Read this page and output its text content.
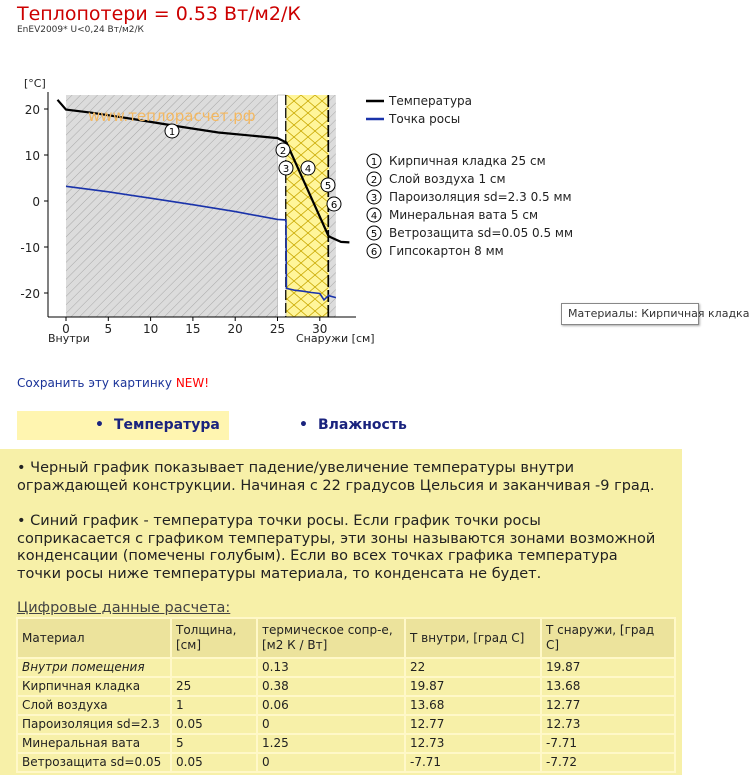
Теплопотери = 0.53 Вт/м2/К
EnEV2009* U<0,24 Вт/м2/К
20
10
0
-10
-20
0	5	10 15 20 25 30
1
2
3 4
5
6
www.теплорасчет.рф
[°C]
Внутри	Снаружи [см]
Температура
Точка росы
1 Кирпичная кладка 25 см
2 Слой воздуха 1 см
3 Пароизоляция sd=2.3 0.5 мм
4 Минеральная вата 5 см
5 Ветрозащита sd=0.05 0.5 мм
6 Гипсокартон 8 мм
Материалы: Кирпичная кладка
Сохранить эту картинку NEW!
• Температура	• Влажность
• Черный график показывает падение/увеличение температуры внутри ограждающей конструкции. Начиная с 22 градусов Цельсия и заканчивая -9 град.
• Синий график - температура точки росы. Если график точки росы соприкасается с графиком температуры, эти зоны называются зонами возможной конденсации (помечены голубым). Если во всех точках графика температура точки росы ниже температуры материала, то конденсата не будет.
Цифровые данные расчета:
Материал	Толщина, [см]	термическое сопр-е, [м2 К / Вт]	Т внутри, [град С]	Т снаружи, [град С]
Внутри помещения		0.13	22	19.87
Кирпичная кладка	25	0.38	19.87	13.68
Слой воздуха	1	0.06	13.68	12.77
Пароизоляция sd=2.3	0.05	0	12.77	12.73
Минеральная вата	5	1.25	12.73	-7.71
Ветрозащита sd=0.05	0.05	0	-7.71	-7.72
